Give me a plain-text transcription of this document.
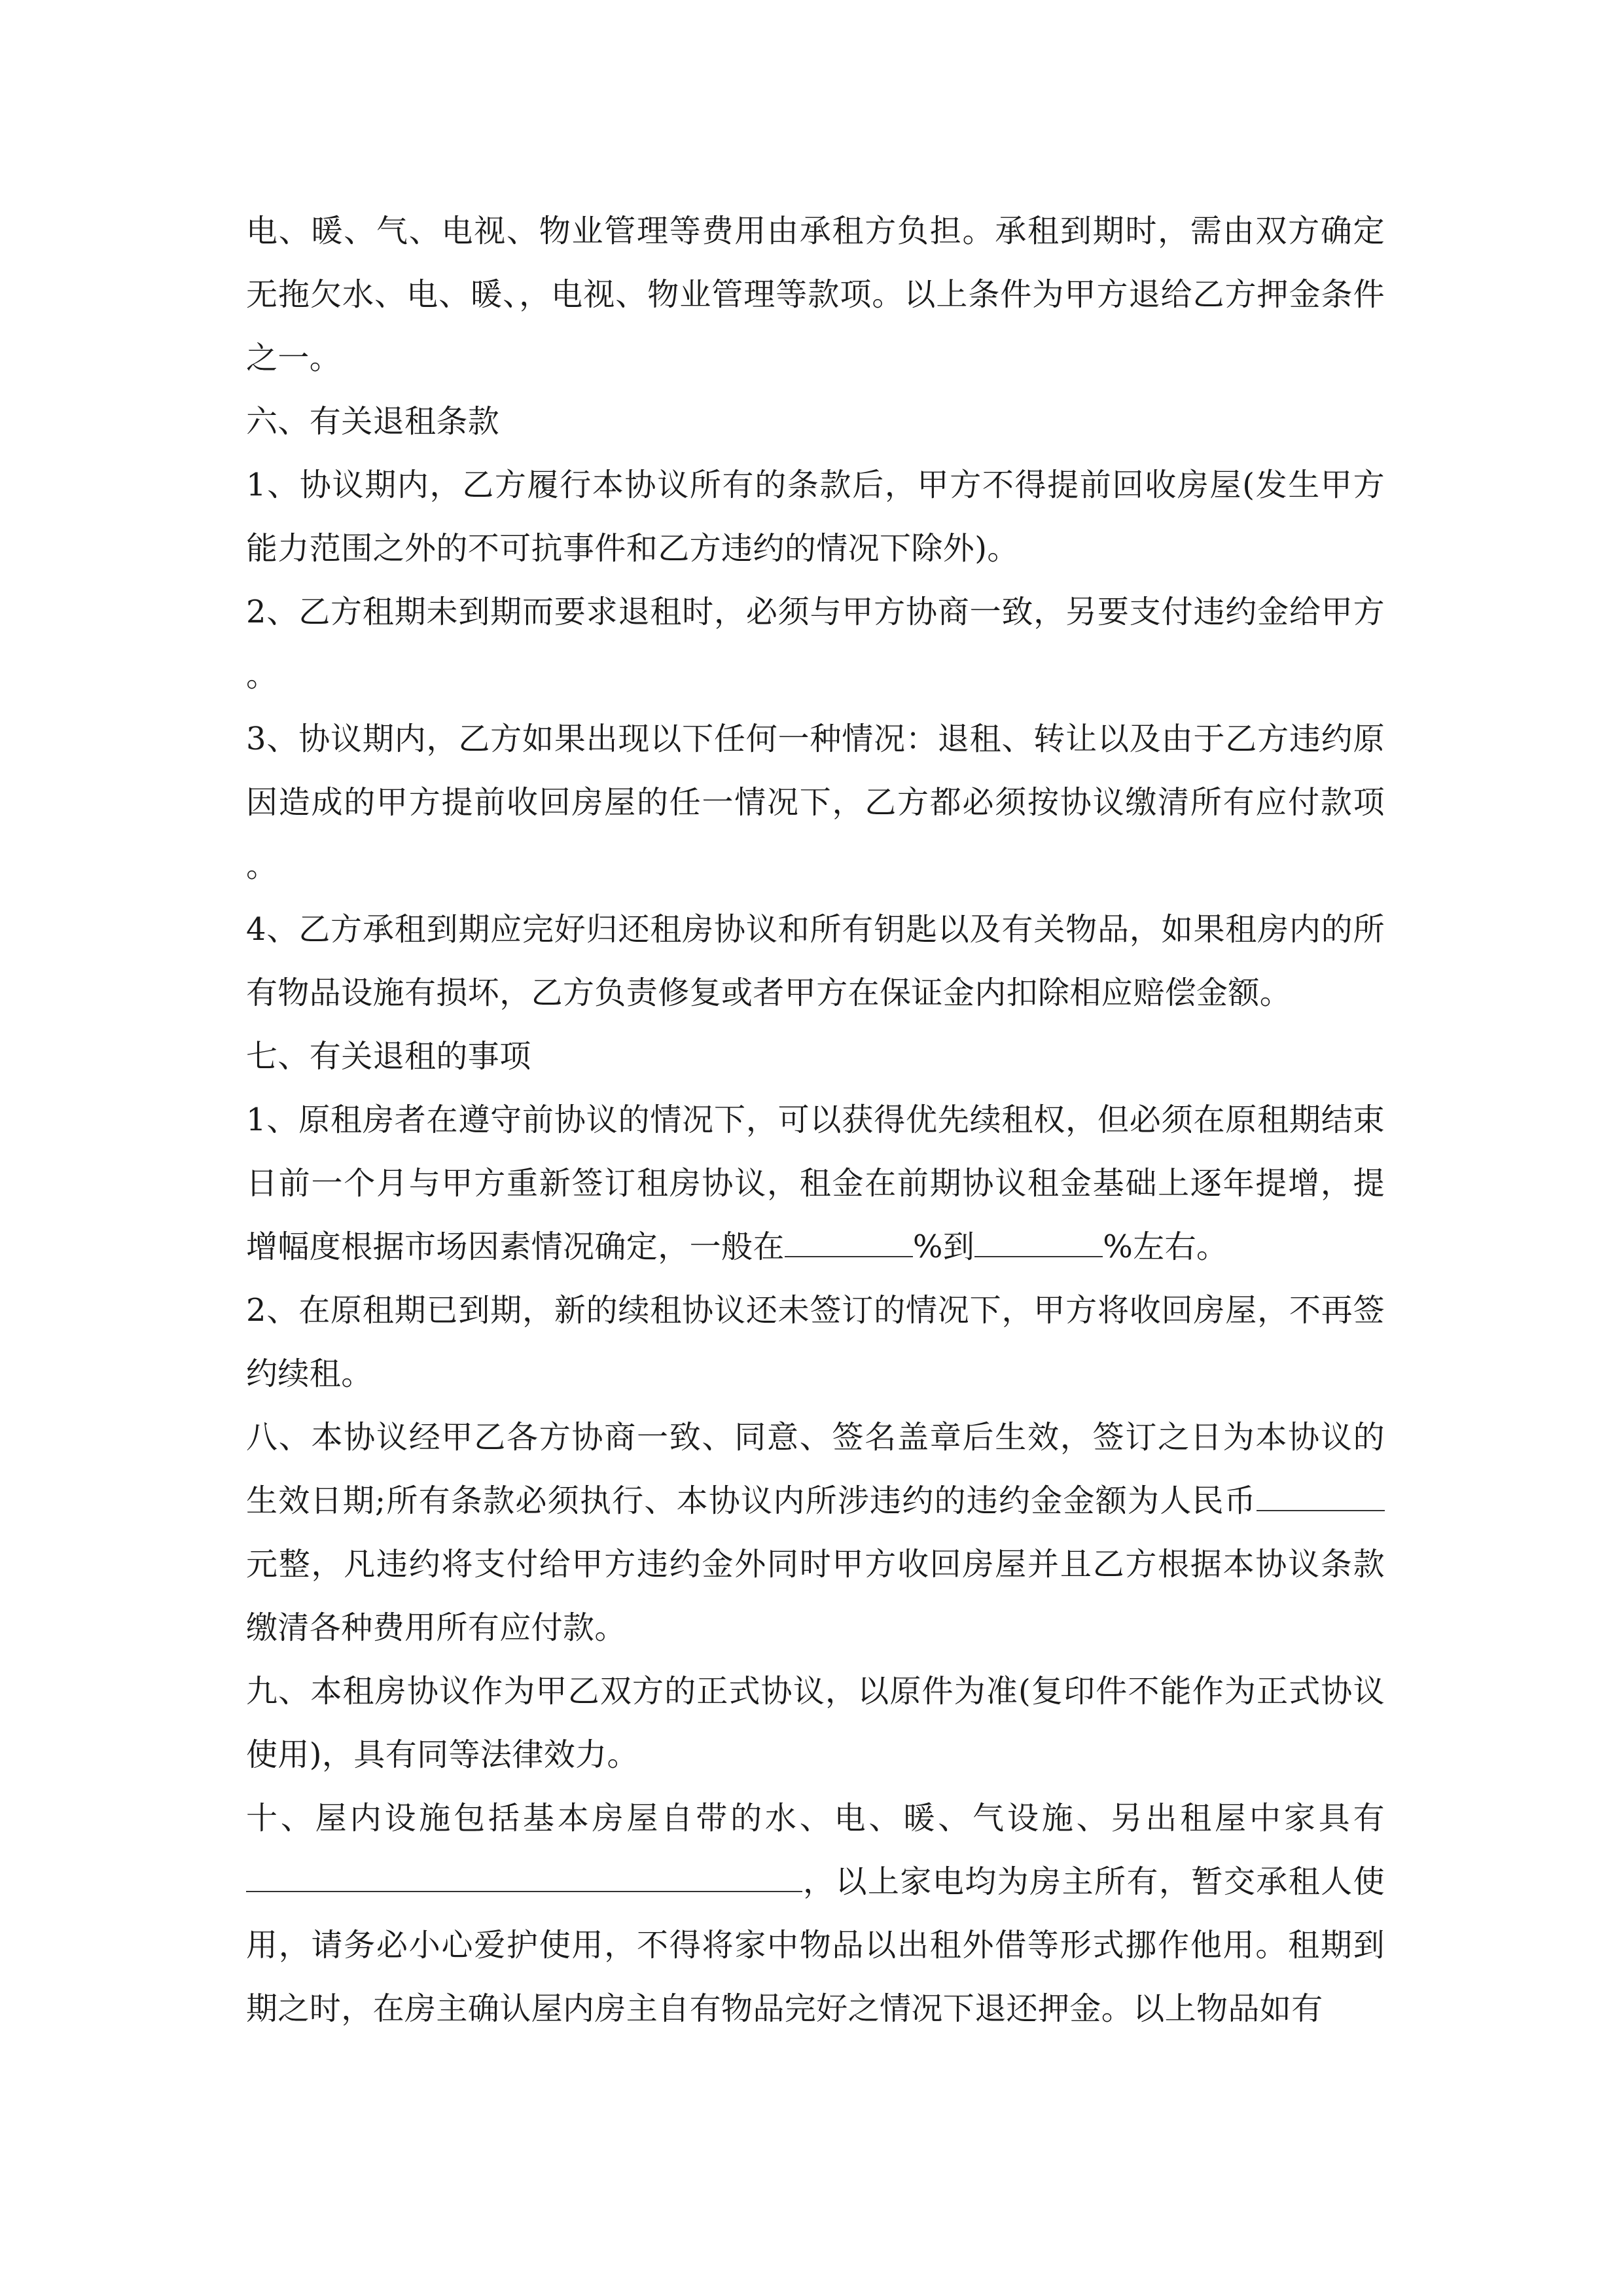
电、暖、气、电视、物业管理等费用由承租方负担。承租到期时，需由双方确定无拖欠水、电、暖、，电视、物业管理等款项。以上条件为甲方退给乙方押金条件之一。

六、有关退租条款

1、协议期内，乙方履行本协议所有的条款后，甲方不得提前回收房屋(发生甲方能力范围之外的不可抗事件和乙方违约的情况下除外)。

2、乙方租期未到期而要求退租时，必须与甲方协商一致，另要支付违约金给甲方。

3、协议期内，乙方如果出现以下任何一种情况：退租、转让以及由于乙方违约原因造成的甲方提前收回房屋的任一情况下，乙方都必须按协议缴清所有应付款项。

4、乙方承租到期应完好归还租房协议和所有钥匙以及有关物品，如果租房内的所有物品设施有损坏，乙方负责修复或者甲方在保证金内扣除相应赔偿金额。

七、有关退租的事项

1、原租房者在遵守前协议的情况下，可以获得优先续租权，但必须在原租期结束日前一个月与甲方重新签订租房协议，租金在前期协议租金基础上逐年提增，提增幅度根据市场因素情况确定，一般在	%到	%左右。

2、在原租期已到期，新的续租协议还未签订的情况下，甲方将收回房屋，不再签约续租。

八、本协议经甲乙各方协商一致、同意、签名盖章后生效，签订之日为本协议的生效日期;所有条款必须执行、本协议内所涉违约的违约金金额为人民币元整，凡违约将支付给甲方违约金外同时甲方收回房屋并且乙方根据本协议条款缴清各种费用所有应付款。

九、本租房协议作为甲乙双方的正式协议，以原件为准(复印件不能作为正式协议使用)，具有同等法律效力。

十、屋内设施包括基本房屋自带的水、电、暖、气设施、另出租屋中家具有，以上家电均为房主所有，暂交承租人使用，请务必小心爱护使用，不得将家中物品以出租外借等形式挪作他用。租期到期之时，在房主确认屋内房主自有物品完好之情况下退还押金。以上物品如有
